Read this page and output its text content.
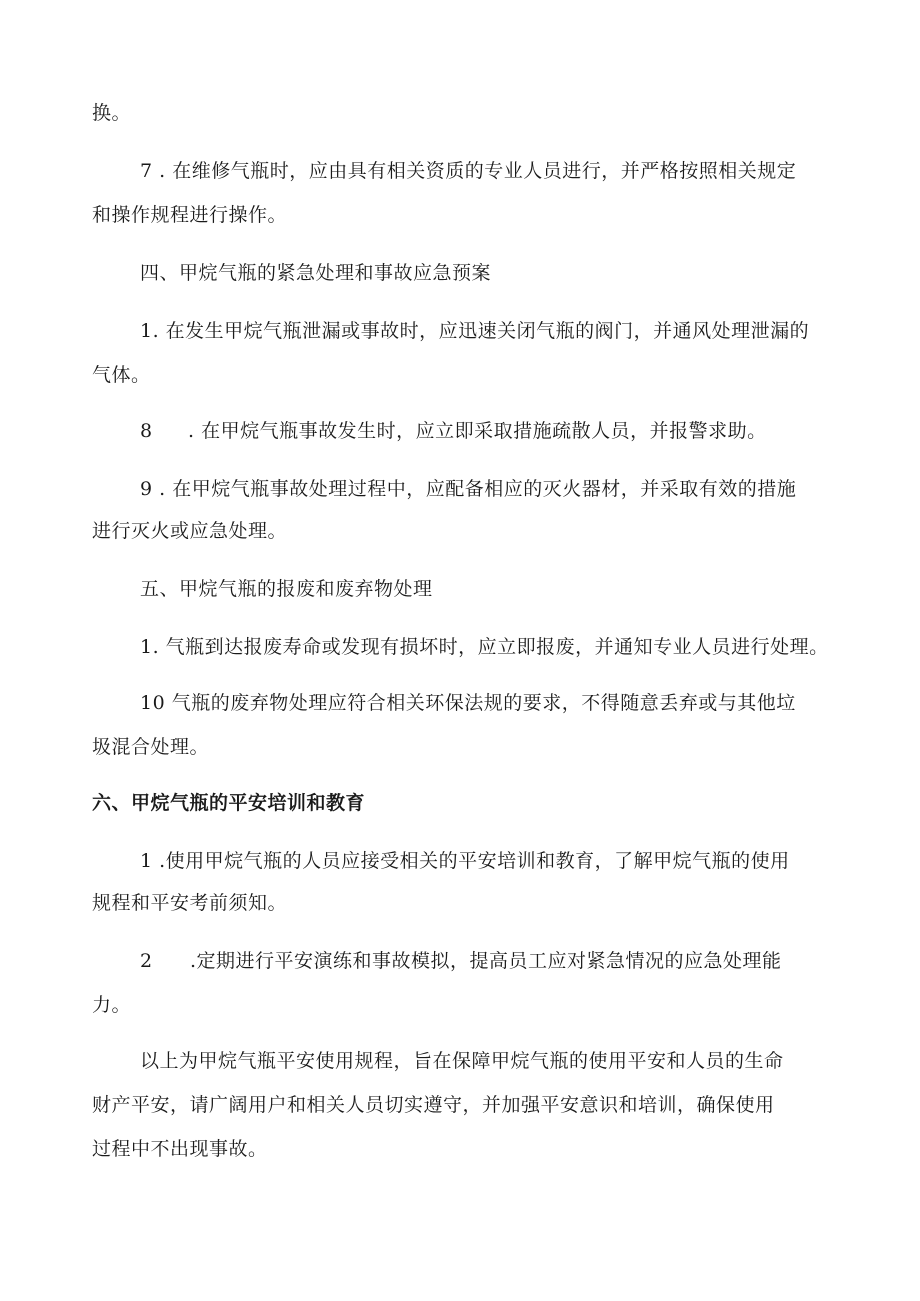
换。
7 . 在维修气瓶时，应由具有相关资质的专业人员进行，并严格按照相关规定
和操作规程进行操作。
四、甲烷气瓶的紧急处理和事故应急预案
1. 在发生甲烷气瓶泄漏或事故时，应迅速关闭气瓶的阀门，并通风处理泄漏的
气体。
8 . 在甲烷气瓶事故发生时，应立即采取措施疏散人员，并报警求助。
9 . 在甲烷气瓶事故处理过程中，应配备相应的灭火器材，并采取有效的措施
进行灭火或应急处理。
五、甲烷气瓶的报废和废弃物处理
1. 气瓶到达报废寿命或发现有损坏时，应立即报废，并通知专业人员进行处理。
10 气瓶的废弃物处理应符合相关环保法规的要求，不得随意丢弃或与其他垃
圾混合处理。
六、甲烷气瓶的平安培训和教育
1 .使用甲烷气瓶的人员应接受相关的平安培训和教育，了解甲烷气瓶的使用
规程和平安考前须知。
2 .定期进行平安演练和事故模拟，提高员工应对紧急情况的应急处理能
力。
以上为甲烷气瓶平安使用规程，旨在保障甲烷气瓶的使用平安和人员的生命
财产平安，请广阔用户和相关人员切实遵守，并加强平安意识和培训，确保使用
过程中不出现事故。
